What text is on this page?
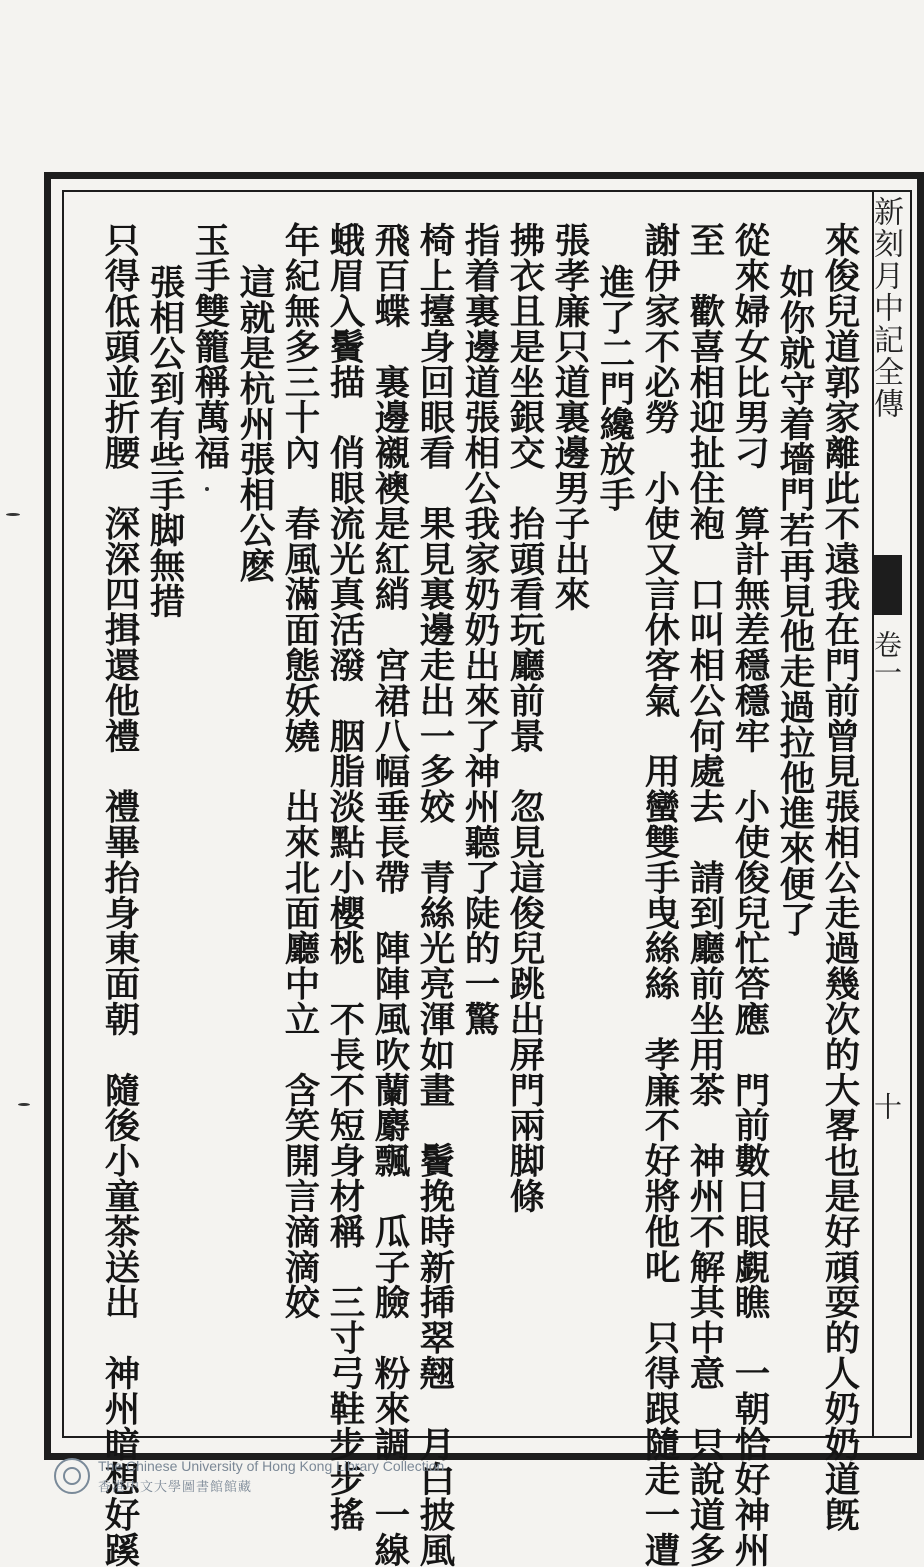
新刻月中記全傳
卷一
十
來俊兒道郭家離此不遠我在門前曾見張相公走過幾次的大畧也是好頑耍的人奶奶道旣
如你就守着墻門若再見他走過拉他進來便了
從來婦女比男刁　算計無差穩穩牢　小使俊兒忙答應　門前數日眼覷瞧　一朝恰好神州
至　歡喜相迎扯住袍　口叫相公何處去　請到廳前坐用茶　神州不解其中意　只說道多
謝伊家不必勞　小使又言休客氣　用蠻雙手曳絲絲　孝廉不好將他叱　只得跟隨走一遭
進了二門纔放手
張孝廉只道裏邊男子出來
拂衣且是坐銀交　抬頭看玩廳前景　忽見這俊兒跳出屏門兩脚條
指着裏邊道張相公我家奶奶出來了神州聽了陡的一驚
椅上擡身回眼看　果見裏邊走出一多姣　青絲光亮渾如畫　鬢挽時新揷翠翹　月白披風
飛百蝶　裏邊襯襖是紅綃　宮裙八幅垂長帶　陣陣風吹蘭麝飄　瓜子臉　粉來調　一線
蛾眉入鬢描　俏眼流光真活潑　胭脂淡點小櫻桃　不長不短身材稱　三寸弓鞋步步搖
年紀無多三十內　春風滿面態妖嬈　出來北面廳中立　含笑開言滴滴姣
這就是杭州張相公麽
玉手雙籠稱萬福
張相公到有些手脚無措
只得低頭並折腰　深深四揖還他禮　禮畢抬身東面朝　隨後小童茶送出　神州暗想好蹊
The Chinese University of Hong Kong Library Collection
香港中文大學圖書館館藏
